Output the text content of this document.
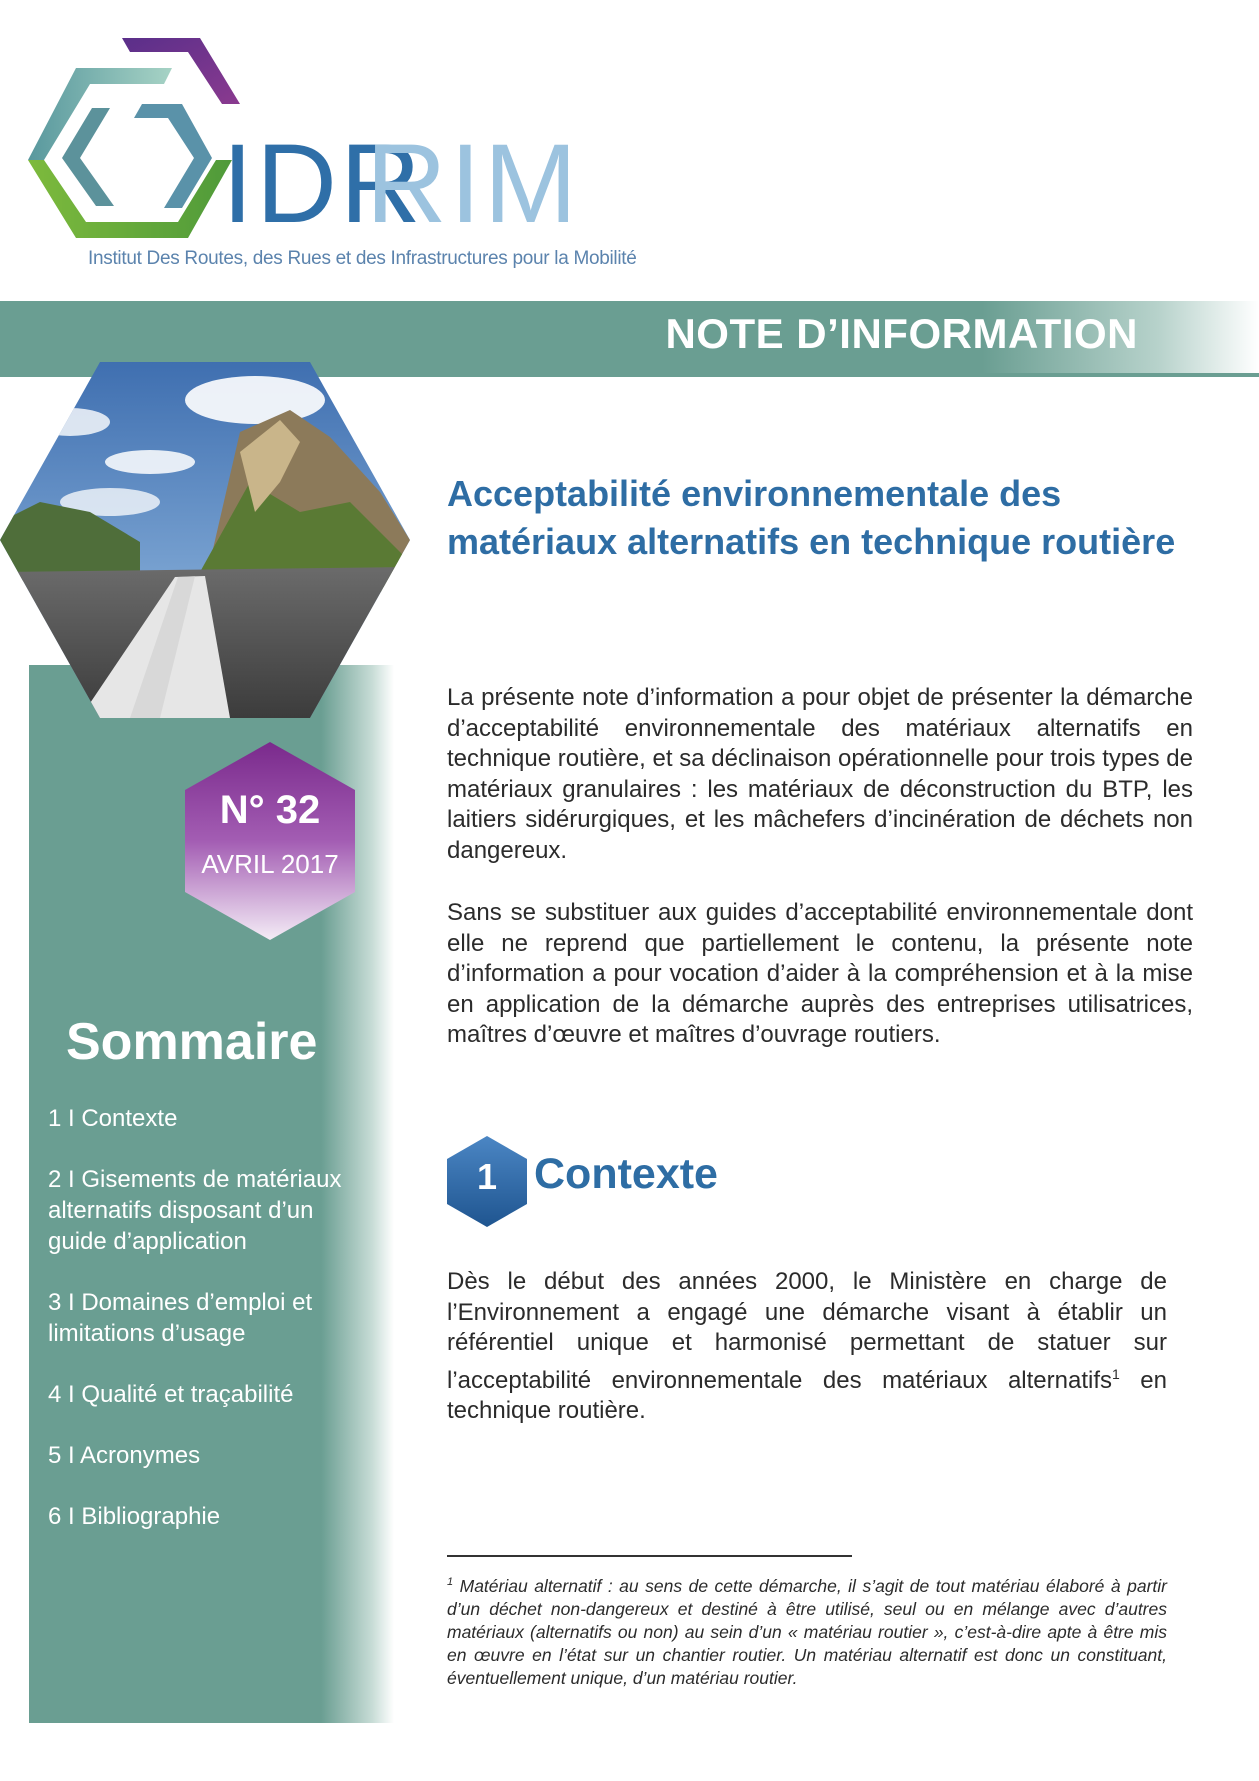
IDRRIM
Institut Des Routes, des Rues et des Infrastructures pour la Mobilité
NOTE D’INFORMATION
N° 32
AVRIL 2017
Sommaire
1 I Contexte
2 I Gisements de matériaux alternatifs disposant d’un guide d’application
3 I Domaines d’emploi et limitations d’usage
4 I Qualité et traçabilité
5 I Acronymes
6 I Bibliographie
Acceptabilité environnementale des matériaux alternatifs en technique routière
La présente note d’information a pour objet de présenter la démarche d’acceptabilité environnementale des matériaux alternatifs en technique routière, et sa déclinaison opérationnelle pour trois types de matériaux granulaires : les matériaux de déconstruction du BTP, les laitiers sidérurgiques, et les mâchefers d’incinération de déchets non dangereux.
Sans se substituer aux guides d’acceptabilité environnementale dont elle ne reprend que partiellement le contenu, la présente note d’information a pour vocation d’aider à la compréhension et à la mise en application de la démarche auprès des entreprises utilisatrices, maîtres d’œuvre et maîtres d’ouvrage routiers.
1 Contexte
Dès le début des années 2000, le Ministère en charge de l’Environnement a engagé une démarche visant à établir un référentiel unique et harmonisé permettant de statuer sur l’acceptabilité environnementale des matériaux alternatifs$^1$ en technique routière.
$^1$ Matériau alternatif : au sens de cette démarche, il s’agit de tout matériau élaboré à partir d’un déchet non-dangereux et destiné à être utilisé, seul ou en mélange avec d’autres matériaux (alternatifs ou non) au sein d’un « matériau routier », c’est-à-dire apte à être mis en œuvre en l’état sur un chantier routier. Un matériau alternatif est donc un constituant, éventuellement unique, d’un matériau routier.
